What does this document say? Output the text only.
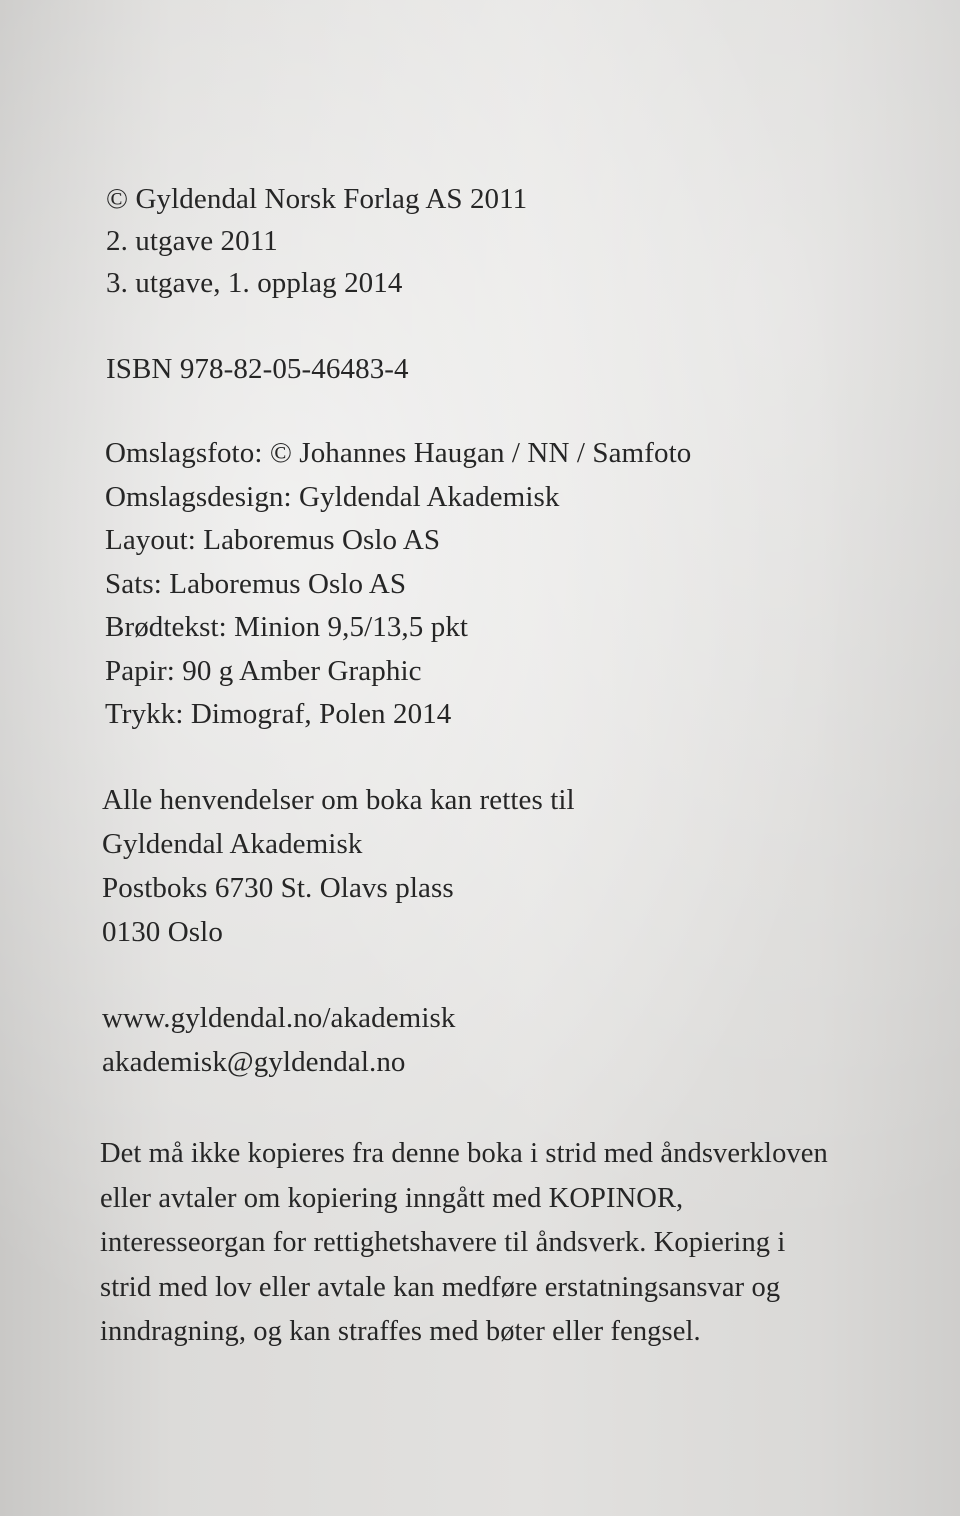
© Gyldendal Norsk Forlag AS 2011
2. utgave 2011
3. utgave, 1. opplag 2014
ISBN 978-82-05-46483-4
Omslagsfoto: © Johannes Haugan / NN / Samfoto
Omslagsdesign: Gyldendal Akademisk
Layout: Laboremus Oslo AS
Sats: Laboremus Oslo AS
Brødtekst: Minion 9,5/13,5 pkt
Papir: 90 g Amber Graphic
Trykk: Dimograf, Polen 2014
Alle henvendelser om boka kan rettes til
Gyldendal Akademisk
Postboks 6730 St. Olavs plass
0130 Oslo
www.gyldendal.no/akademisk
akademisk@gyldendal.no
Det må ikke kopieres fra denne boka i strid med åndsverkloven
eller avtaler om kopiering inngått med KOPINOR,
interesseorgan for rettighetshavere til åndsverk. Kopiering i
strid med lov eller avtale kan medføre erstatningsansvar og
inndragning, og kan straffes med bøter eller fengsel.
